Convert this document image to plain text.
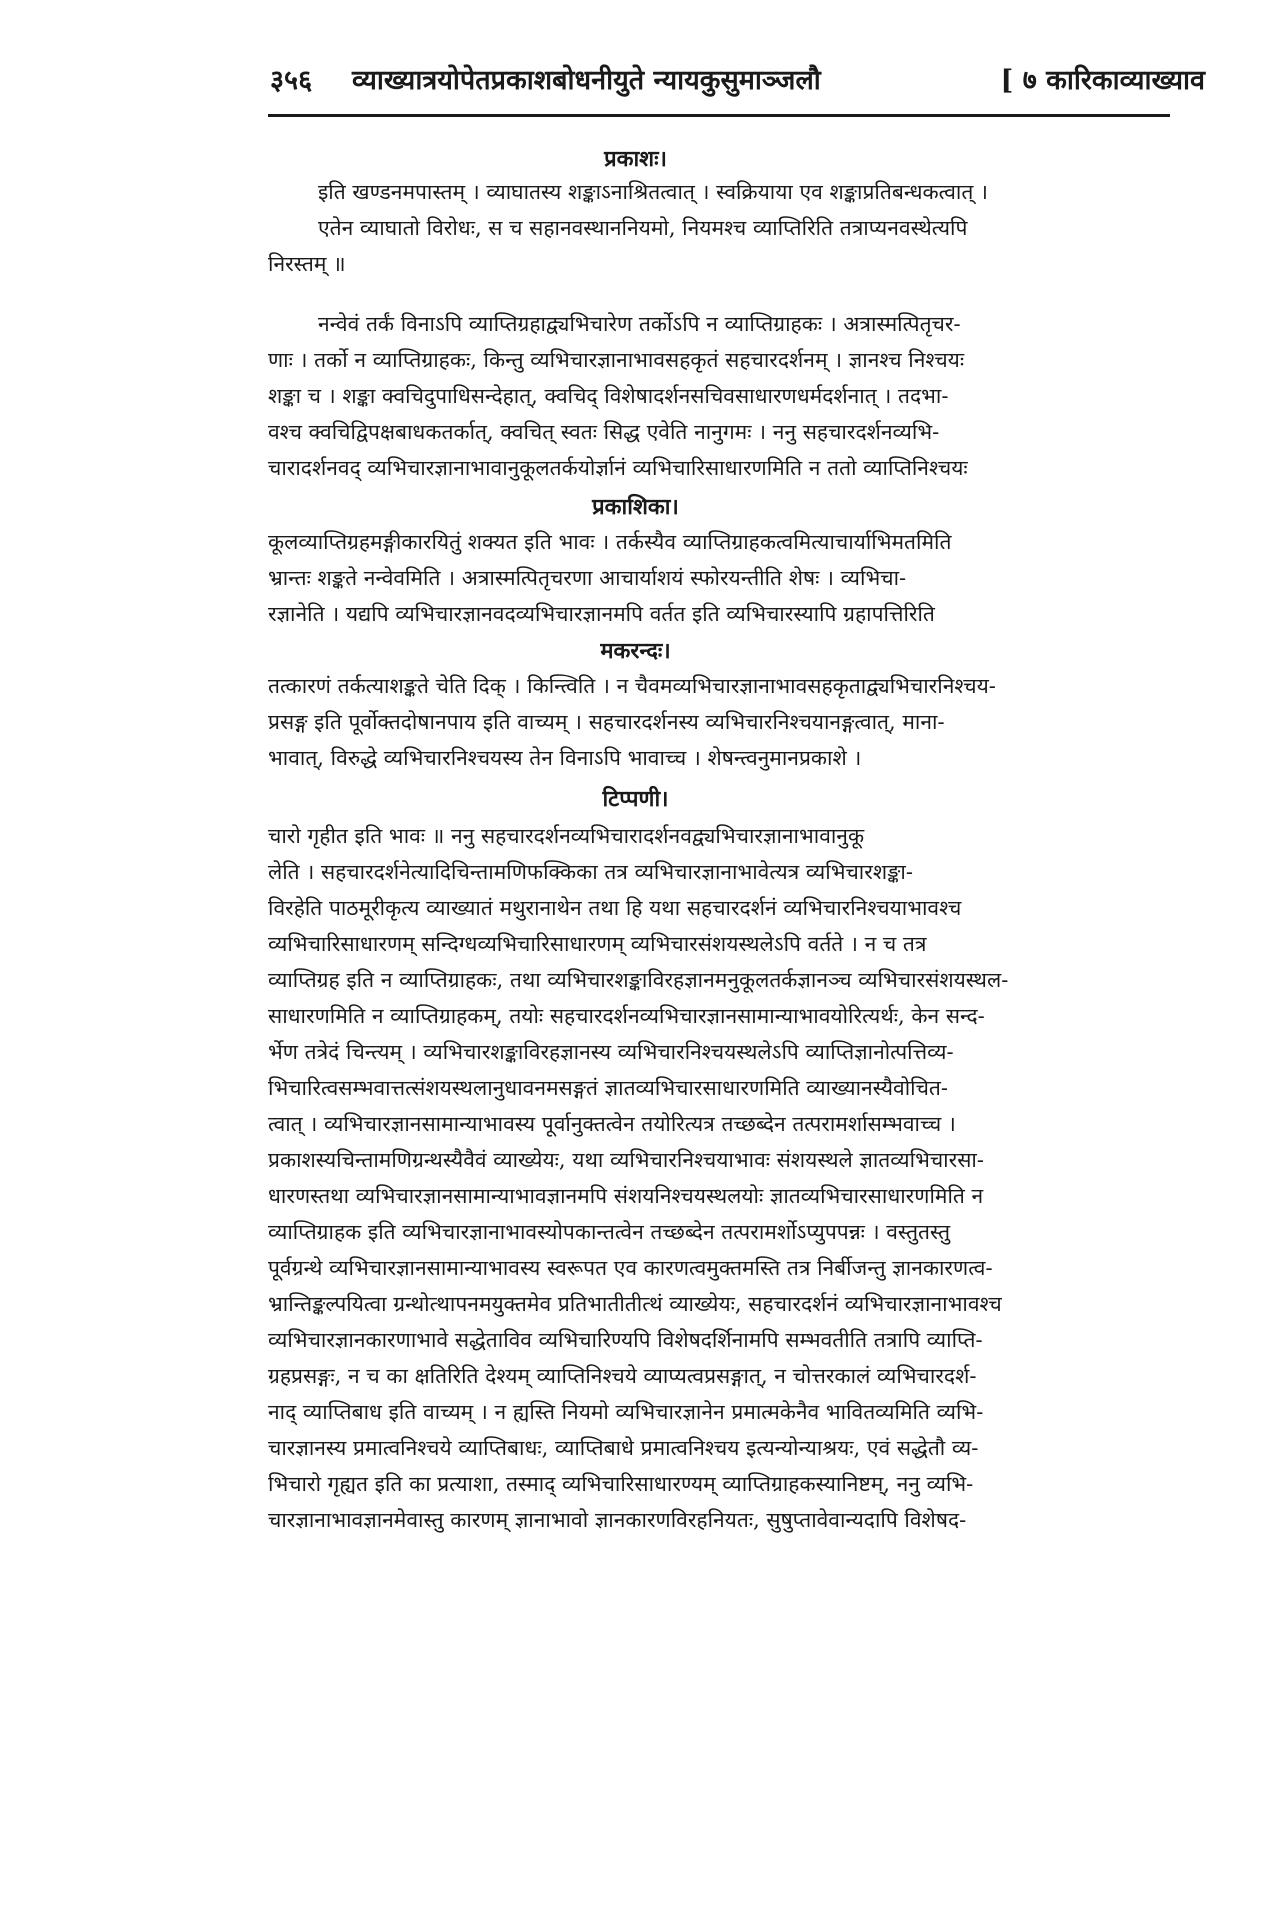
३५६ व्याख्यात्रयोपेतप्रकाशबोधनीयुते न्यायकुसुमाञ्जलौ	[ ७ कारिकाव्याख्याव
प्रकाशः।
इति खण्डनमपास्तम् । व्याघातस्य शङ्काऽनाश्रितत्वात् । स्वक्रियाया एव शङ्काप्रतिबन्धकत्वात् ।
एतेन व्याघातो विरोधः, स च सहानवस्थाननियमो, नियमश्च व्याप्तिरिति तत्राप्यनवस्थेत्यपि
निरस्तम् ॥
नन्वेवं तर्कं विनाऽपि व्याप्तिग्रहाद्व्यभिचारेण तर्कोऽपि न व्याप्तिग्राहकः । अत्रास्मत्पितृचर-
णाः । तर्को न व्याप्तिग्राहकः, किन्तु व्यभिचारज्ञानाभावसहकृतं सहचारदर्शनम् । ज्ञानश्च निश्चयः
शङ्का च । शङ्का क्वचिदुपाधिसन्देहात्, क्वचिद् विशेषादर्शनसचिवसाधारणधर्मदर्शनात् । तदभा-
वश्च क्वचिद्विपक्षबाधकतर्कात्, क्वचित् स्वतः सिद्ध एवेति नानुगमः । ननु सहचारदर्शनव्यभि-
चारादर्शनवद् व्यभिचारज्ञानाभावानुकूलतर्कयोर्ज्ञानं व्यभिचारिसाधारणमिति न ततो व्याप्तिनिश्चयः
प्रकाशिका।
कूलव्याप्तिग्रहमङ्गीकारयितुं शक्यत इति भावः । तर्कस्यैव व्याप्तिग्राहकत्वमित्याचार्याभिमतमिति
भ्रान्तः शङ्कते नन्वेवमिति । अत्रास्मत्पितृचरणा आचार्याशयं स्फोरयन्तीति शेषः । व्यभिचा-
रज्ञानेति । यद्यपि व्यभिचारज्ञानवदव्यभिचारज्ञानमपि वर्तत इति व्यभिचारस्यापि ग्रहापत्तिरिति
मकरन्दः।
तत्कारणं तर्कत्याशङ्कते चेति दिक् । किन्त्विति । न चैवमव्यभिचारज्ञानाभावसहकृताद्व्यभिचारनिश्चय-
प्रसङ्ग इति पूर्वोक्तदोषानपाय इति वाच्यम् । सहचारदर्शनस्य व्यभिचारनिश्चयानङ्गत्वात्, माना-
भावात्, विरुद्धे व्यभिचारनिश्चयस्य तेन विनाऽपि भावाच्च । शेषन्त्वनुमानप्रकाशे ।
टिप्पणी।
चारो गृहीत इति भावः ॥ ननु सहचारदर्शनव्यभिचारादर्शनवद्व्यभिचारज्ञानाभावानुकू
लेति । सहचारदर्शनेत्यादिचिन्तामणिफक्किका तत्र व्यभिचारज्ञानाभावेत्यत्र व्यभिचारशङ्का-
विरहेति पाठमूरीकृत्य व्याख्यातं मथुरानाथेन तथा हि यथा सहचारदर्शनं व्यभिचारनिश्चयाभावश्च
व्यभिचारिसाधारणम् सन्दिग्धव्यभिचारिसाधारणम् व्यभिचारसंशयस्थलेऽपि वर्तते । न च तत्र
व्याप्तिग्रह इति न व्याप्तिग्राहकः, तथा व्यभिचारशङ्काविरहज्ञानमनुकूलतर्कज्ञानञ्च व्यभिचारसंशयस्थल-
साधारणमिति न व्याप्तिग्राहकम्, तयोः सहचारदर्शनव्यभिचारज्ञानसामान्याभावयोरित्यर्थः, केन सन्द-
र्भेण तत्रेदं चिन्त्यम् । व्यभिचारशङ्काविरहज्ञानस्य व्यभिचारनिश्चयस्थलेऽपि व्याप्तिज्ञानोत्पत्तिव्य-
भिचारित्वसम्भवात्तत्संशयस्थलानुधावनमसङ्गतं ज्ञातव्यभिचारसाधारणमिति व्याख्यानस्यैवोचित-
त्वात् । व्यभिचारज्ञानसामान्याभावस्य पूर्वानुक्तत्वेन तयोरित्यत्र तच्छब्देन तत्परामर्शासम्भवाच्च ।
प्रकाशस्यचिन्तामणिग्रन्थस्यैवैवं व्याख्येयः, यथा व्यभिचारनिश्चयाभावः संशयस्थले ज्ञातव्यभिचारसा-
धारणस्तथा व्यभिचारज्ञानसामान्याभावज्ञानमपि संशयनिश्चयस्थलयोः ज्ञातव्यभिचारसाधारणमिति न
व्याप्तिग्राहक इति व्यभिचारज्ञानाभावस्योपकान्तत्वेन तच्छब्देन तत्परामर्शोऽप्युपपन्नः । वस्तुतस्तु
पूर्वग्रन्थे व्यभिचारज्ञानसामान्याभावस्य स्वरूपत एव कारणत्वमुक्तमस्ति तत्र निर्बीजन्तु ज्ञानकारणत्व-
भ्रान्तिङ्कल्पयित्वा ग्रन्थोत्थापनमयुक्तमेव प्रतिभातीतीत्थं व्याख्येयः, सहचारदर्शनं व्यभिचारज्ञानाभावश्च
व्यभिचारज्ञानकारणाभावे सद्धेताविव व्यभिचारिण्यपि विशेषदर्शिनामपि सम्भवतीति तत्रापि व्याप्ति-
ग्रहप्रसङ्गः, न च का क्षतिरिति देश्यम् व्याप्तिनिश्चये व्याप्यत्वप्रसङ्गात्, न चोत्तरकालं व्यभिचारदर्श-
नाद् व्याप्तिबाध इति वाच्यम् । न ह्यस्ति नियमो व्यभिचारज्ञानेन प्रमात्मकेनैव भावितव्यमिति व्यभि-
चारज्ञानस्य प्रमात्वनिश्चये व्याप्तिबाधः, व्याप्तिबाधे प्रमात्वनिश्चय इत्यन्योन्याश्रयः, एवं सद्धेतौ व्य-
भिचारो गृह्यत इति का प्रत्याशा, तस्माद् व्यभिचारिसाधारण्यम् व्याप्तिग्राहकस्यानिष्टम्, ननु व्यभि-
चारज्ञानाभावज्ञानमेवास्तु कारणम् ज्ञानाभावो ज्ञानकारणविरहनियतः, सुषुप्तावेवान्यदापि विशेषद-
